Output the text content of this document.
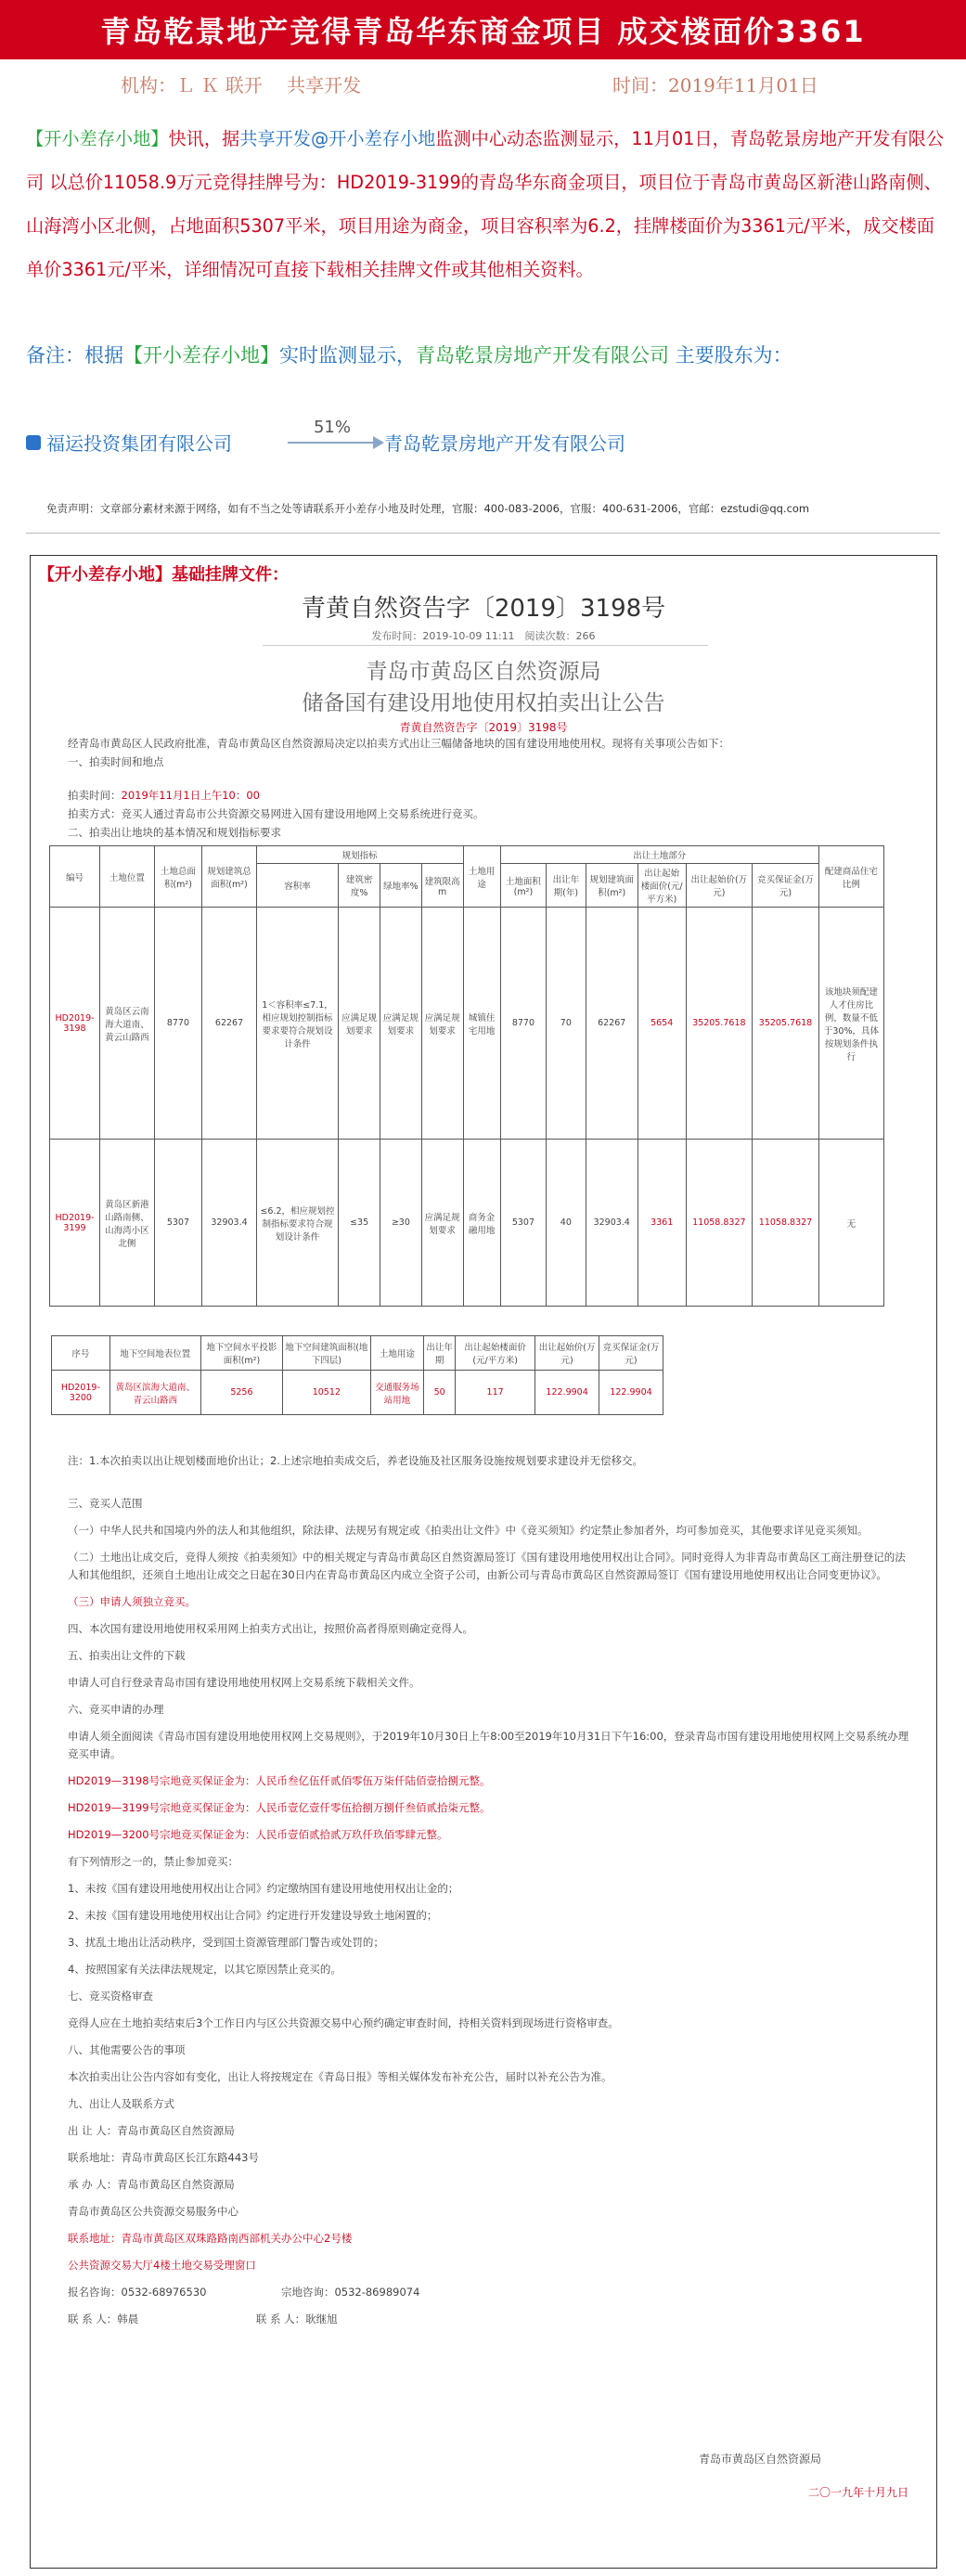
青岛乾景地产竞得青岛华东商金项目 成交楼面价3361
机构：Ｌ Ｋ 联开　 共享开发	时间：2019年11月01日
【开小差存小地】快讯，据共享开发@开小差存小地监测中心动态监测显示，11月01日，青岛乾景房地产开发有限公司 以总价11058.9万元竞得挂牌号为：HD2019-3199的青岛华东商金项目，项目位于青岛市黄岛区新港山路南侧、山海湾小区北侧，占地面积5307平米，项目用途为商金，项目容积率为6.2，挂牌楼面价为3361元/平米，成交楼面单价3361元/平米，详细情况可直接下载相关挂牌文件或其他相关资料。
备注：根据【开小差存小地】实时监测显示，青岛乾景房地产开发有限公司 主要股东为：
福运投资集团有限公司
51%
青岛乾景房地产开发有限公司
免责声明：文章部分素材来源于网络，如有不当之处等请联系开小差存小地及时处理，官服：400-083-2006，官服：400-631-2006，官邮：ezstudi@qq.com
【开小差存小地】基础挂牌文件：
青黄自然资告字〔2019〕3198号
发布时间：2019-10-09 11:11　阅读次数：266
青岛市黄岛区自然资源局
储备国有建设用地使用权拍卖出让公告
青黄自然资告字〔2019〕3198号
经青岛市黄岛区人民政府批准，青岛市黄岛区自然资源局决定以拍卖方式出让三幅储备地块的国有建设用地使用权。现将有关事项公告如下：
一、拍卖时间和地点
拍卖时间：2019年11月1日上午10：00
拍卖方式：竞买人通过青岛市公共资源交易网进入国有建设用地网上交易系统进行竞买。
二、拍卖出让地块的基本情况和规划指标要求
编号	土地位置	土地总面积(m²)	规划建筑总面积(m²)	规划指标				土地用途	出让土地部分						配建商品住宅比例
				容积率	建筑密度%	绿地率%	建筑限高m		土地面积(m²)	出让年期(年)	规划建筑面积(m²)	出让起始楼面价(元/平方米)	出让起始价(万元)	竞买保证金(万元)	
HD2019-3198	黄岛区云南海大道南、黄云山路西	8770	62267	1＜容积率≤7.1，相应规划控制指标要求要符合规划设计条件	应满足规划要求	应满足规划要求	应满足规划要求	城镇住宅用地	8770	70	62267	5654	35205.7618	35205.7618	该地块须配建人才住房比例，数量不低于30%，具体按规划条件执行
HD2019-3199	黄岛区新港山路南侧、山海湾小区北侧	5307	32903.4	≤6.2，相应规划控制指标要求符合规划设计条件	≤35	≥30	应满足规划要求	商务金融用地	5307	40	32903.4	3361	11058.8327	11058.8327	无
序号	地下空间地表位置	地下空间水平投影面积(m²)	地下空间建筑面积(地下四层)	土地用途	出让年期	出让起始楼面价(元/平方米)	出让起始价(万元)	竞买保证金(万元)
HD2019-3200	黄岛区滨海大道南、青云山路西	5256	10512	交通服务场站用地	50	117	122.9904	122.9904
注：1.本次拍卖以出让规划楼面地价出让；2.上述宗地拍卖成交后，养老设施及社区服务设施按规划要求建设并无偿移交。
三、竞买人范围
（一）中华人民共和国境内外的法人和其他组织，除法律、法规另有规定或《拍卖出让文件》中《竞买须知》约定禁止参加者外，均可参加竞买，其他要求详见竞买须知。
（二）土地出让成交后，竞得人须按《拍卖须知》中的相关规定与青岛市黄岛区自然资源局签订《国有建设用地使用权出让合同》。同时竞得人为非青岛市黄岛区工商注册登记的法人和其他组织，还须自土地出让成交之日起在30日内在青岛市黄岛区内成立全资子公司，由新公司与青岛市黄岛区自然资源局签订《国有建设用地使用权出让合同变更协议》。
（三）申请人须独立竞买。
四、本次国有建设用地使用权采用网上拍卖方式出让，按照价高者得原则确定竞得人。
五、拍卖出让文件的下载
申请人可自行登录青岛市国有建设用地使用权网上交易系统下载相关文件。
六、竞买申请的办理
申请人须全面阅读《青岛市国有建设用地使用权网上交易规则》，于2019年10月30日上午8:00至2019年10月31日下午16:00，登录青岛市国有建设用地使用权网上交易系统办理竞买申请。
HD2019—3198号宗地竞买保证金为：人民币叁亿伍仟贰佰零伍万柒仟陆佰壹拾捌元整。
HD2019—3199号宗地竞买保证金为：人民币壹亿壹仟零伍拾捌万捌仟叁佰贰拾柒元整。
HD2019—3200号宗地竞买保证金为：人民币壹佰贰拾贰万玖仟玖佰零肆元整。
有下列情形之一的，禁止参加竞买：
1、未按《国有建设用地使用权出让合同》约定缴纳国有建设用地使用权出让金的；
2、未按《国有建设用地使用权出让合同》约定进行开发建设导致土地闲置的；
3、扰乱土地出让活动秩序，受到国土资源管理部门警告或处罚的；
4、按照国家有关法律法规规定，以其它原因禁止竞买的。
七、竞买资格审查
竞得人应在土地拍卖结束后3个工作日内与区公共资源交易中心预约确定审查时间，持相关资料到现场进行资格审查。
八、其他需要公告的事项
本次拍卖出让公告内容如有变化，出让人将按规定在《青岛日报》等相关媒体发布补充公告，届时以补充公告为准。
九、出让人及联系方式
出 让 人：青岛市黄岛区自然资源局
联系地址：青岛市黄岛区长江东路443号
承 办 人：青岛市黄岛区自然资源局
青岛市黄岛区公共资源交易服务中心
联系地址：青岛市黄岛区双珠路路南西部机关办公中心2号楼
公共资源交易大厅4楼土地交易受理窗口
报名咨询：0532-68976530　　　　　　　宗地咨询：0532-86989074
联 系 人：韩晨　　　　　　　　　　　联 系 人：耿继旭
青岛市黄岛区自然资源局
二〇一九年十月九日
